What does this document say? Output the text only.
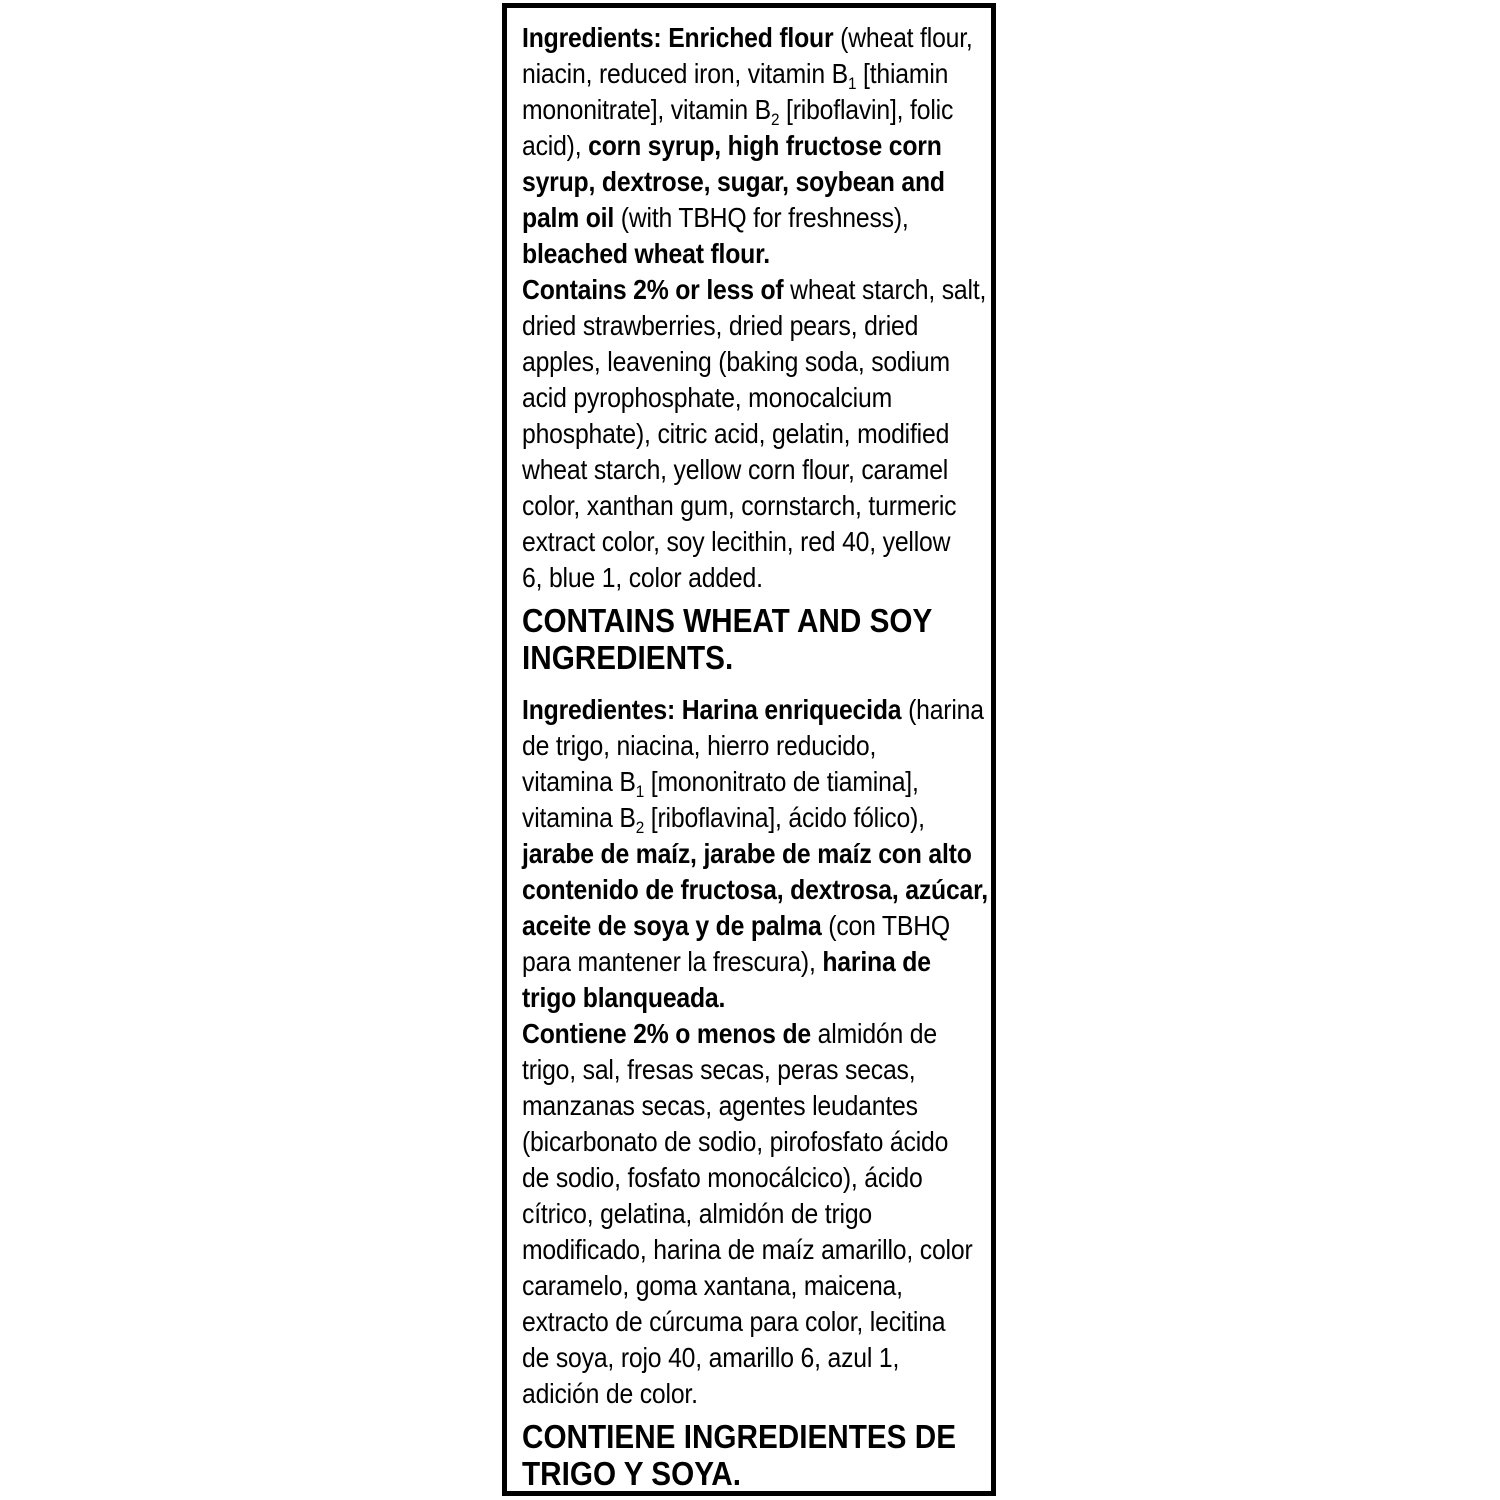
Ingredients: Enriched flour (wheat flour,
niacin, reduced iron, vitamin $B_1$ [thiamin
mononitrate], vitamin $B_2$ [riboflavin], folic
acid), corn syrup, high fructose corn
syrup, dextrose, sugar, soybean and
palm oil (with TBHQ for freshness),
bleached wheat flour.
Contains 2% or less of wheat starch, salt,
dried strawberries, dried pears, dried
apples, leavening (baking soda, sodium
acid pyrophosphate, monocalcium
phosphate), citric acid, gelatin, modified
wheat starch, yellow corn flour, caramel
color, xanthan gum, cornstarch, turmeric
extract color, soy lecithin, red 40, yellow
6, blue 1, color added.
CONTAINS WHEAT AND SOY
INGREDIENTS.
Ingredientes: Harina enriquecida (harina
de trigo, niacina, hierro reducido,
vitamina $B_1$ [mononitrato de tiamina],
vitamina $B_2$ [riboflavina], ácido fólico),
jarabe de maíz, jarabe de maíz con alto
contenido de fructosa, dextrosa, azúcar,
aceite de soya y de palma (con TBHQ
para mantener la frescura), harina de
trigo blanqueada.
Contiene 2% o menos de almidón de
trigo, sal, fresas secas, peras secas,
manzanas secas, agentes leudantes
(bicarbonato de sodio, pirofosfato ácido
de sodio, fosfato monocálcico), ácido
cítrico, gelatina, almidón de trigo
modificado, harina de maíz amarillo, color
caramelo, goma xantana, maicena,
extracto de cúrcuma para color, lecitina
de soya, rojo 40, amarillo 6, azul 1,
adición de color.
CONTIENE INGREDIENTES DE
TRIGO Y SOYA.
